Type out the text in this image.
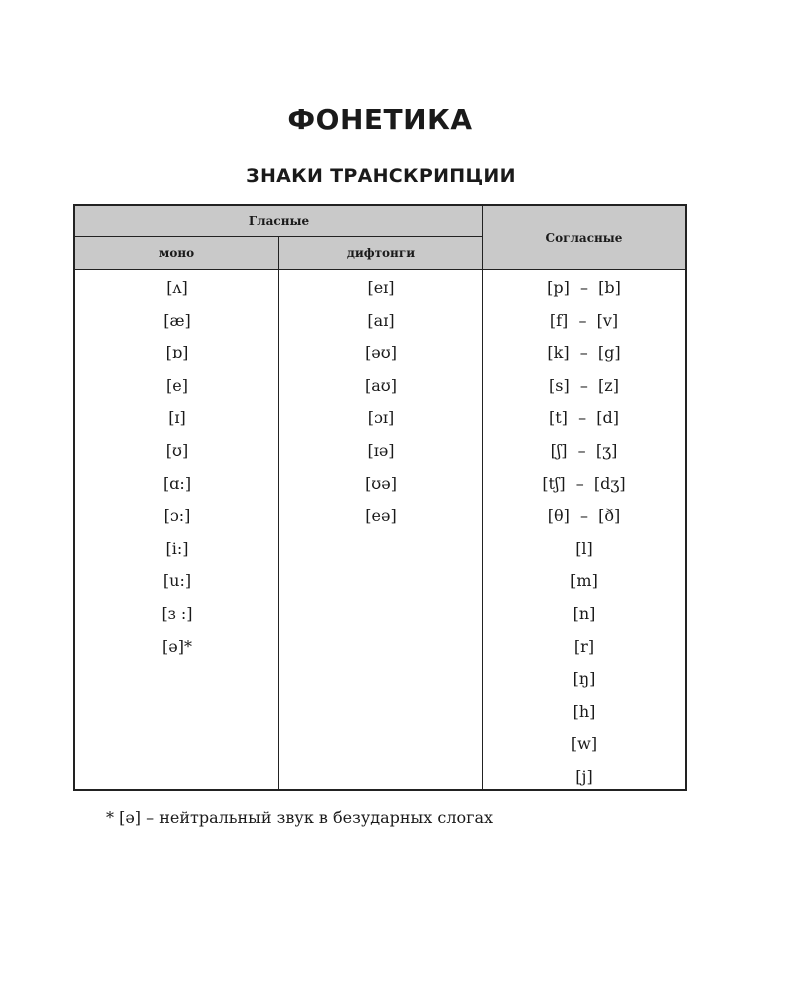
ФОНЕТИКА
ЗНАКИ ТРАНСКРИПЦИИ
Гласные
моно	дифтонги
Согласные
[ʌ]
[æ]
[ɒ]
[e]
[ɪ]
[ʊ]
[ɑ:]
[ɔ:]
[i:]
[u:]
[ɜ :]
[ə]*
[eɪ]
[aɪ]
[əʊ]
[aʊ]
[ɔɪ]
[ɪə]
[ʊə]
[eə]
[p]  –  [b]
[f]  –  [v]
[k]  –  [g]
[s]  –  [z]
[t]  –  [d]
[ʃ]  –  [ʒ]
[tʃ]  –  [dʒ]
[θ]  –  [ð]
[l]
[m]
[n]
[r]
[ŋ]
[h]
[w]
[j]
* [ə] – нейтральный звук в безударных слогах
